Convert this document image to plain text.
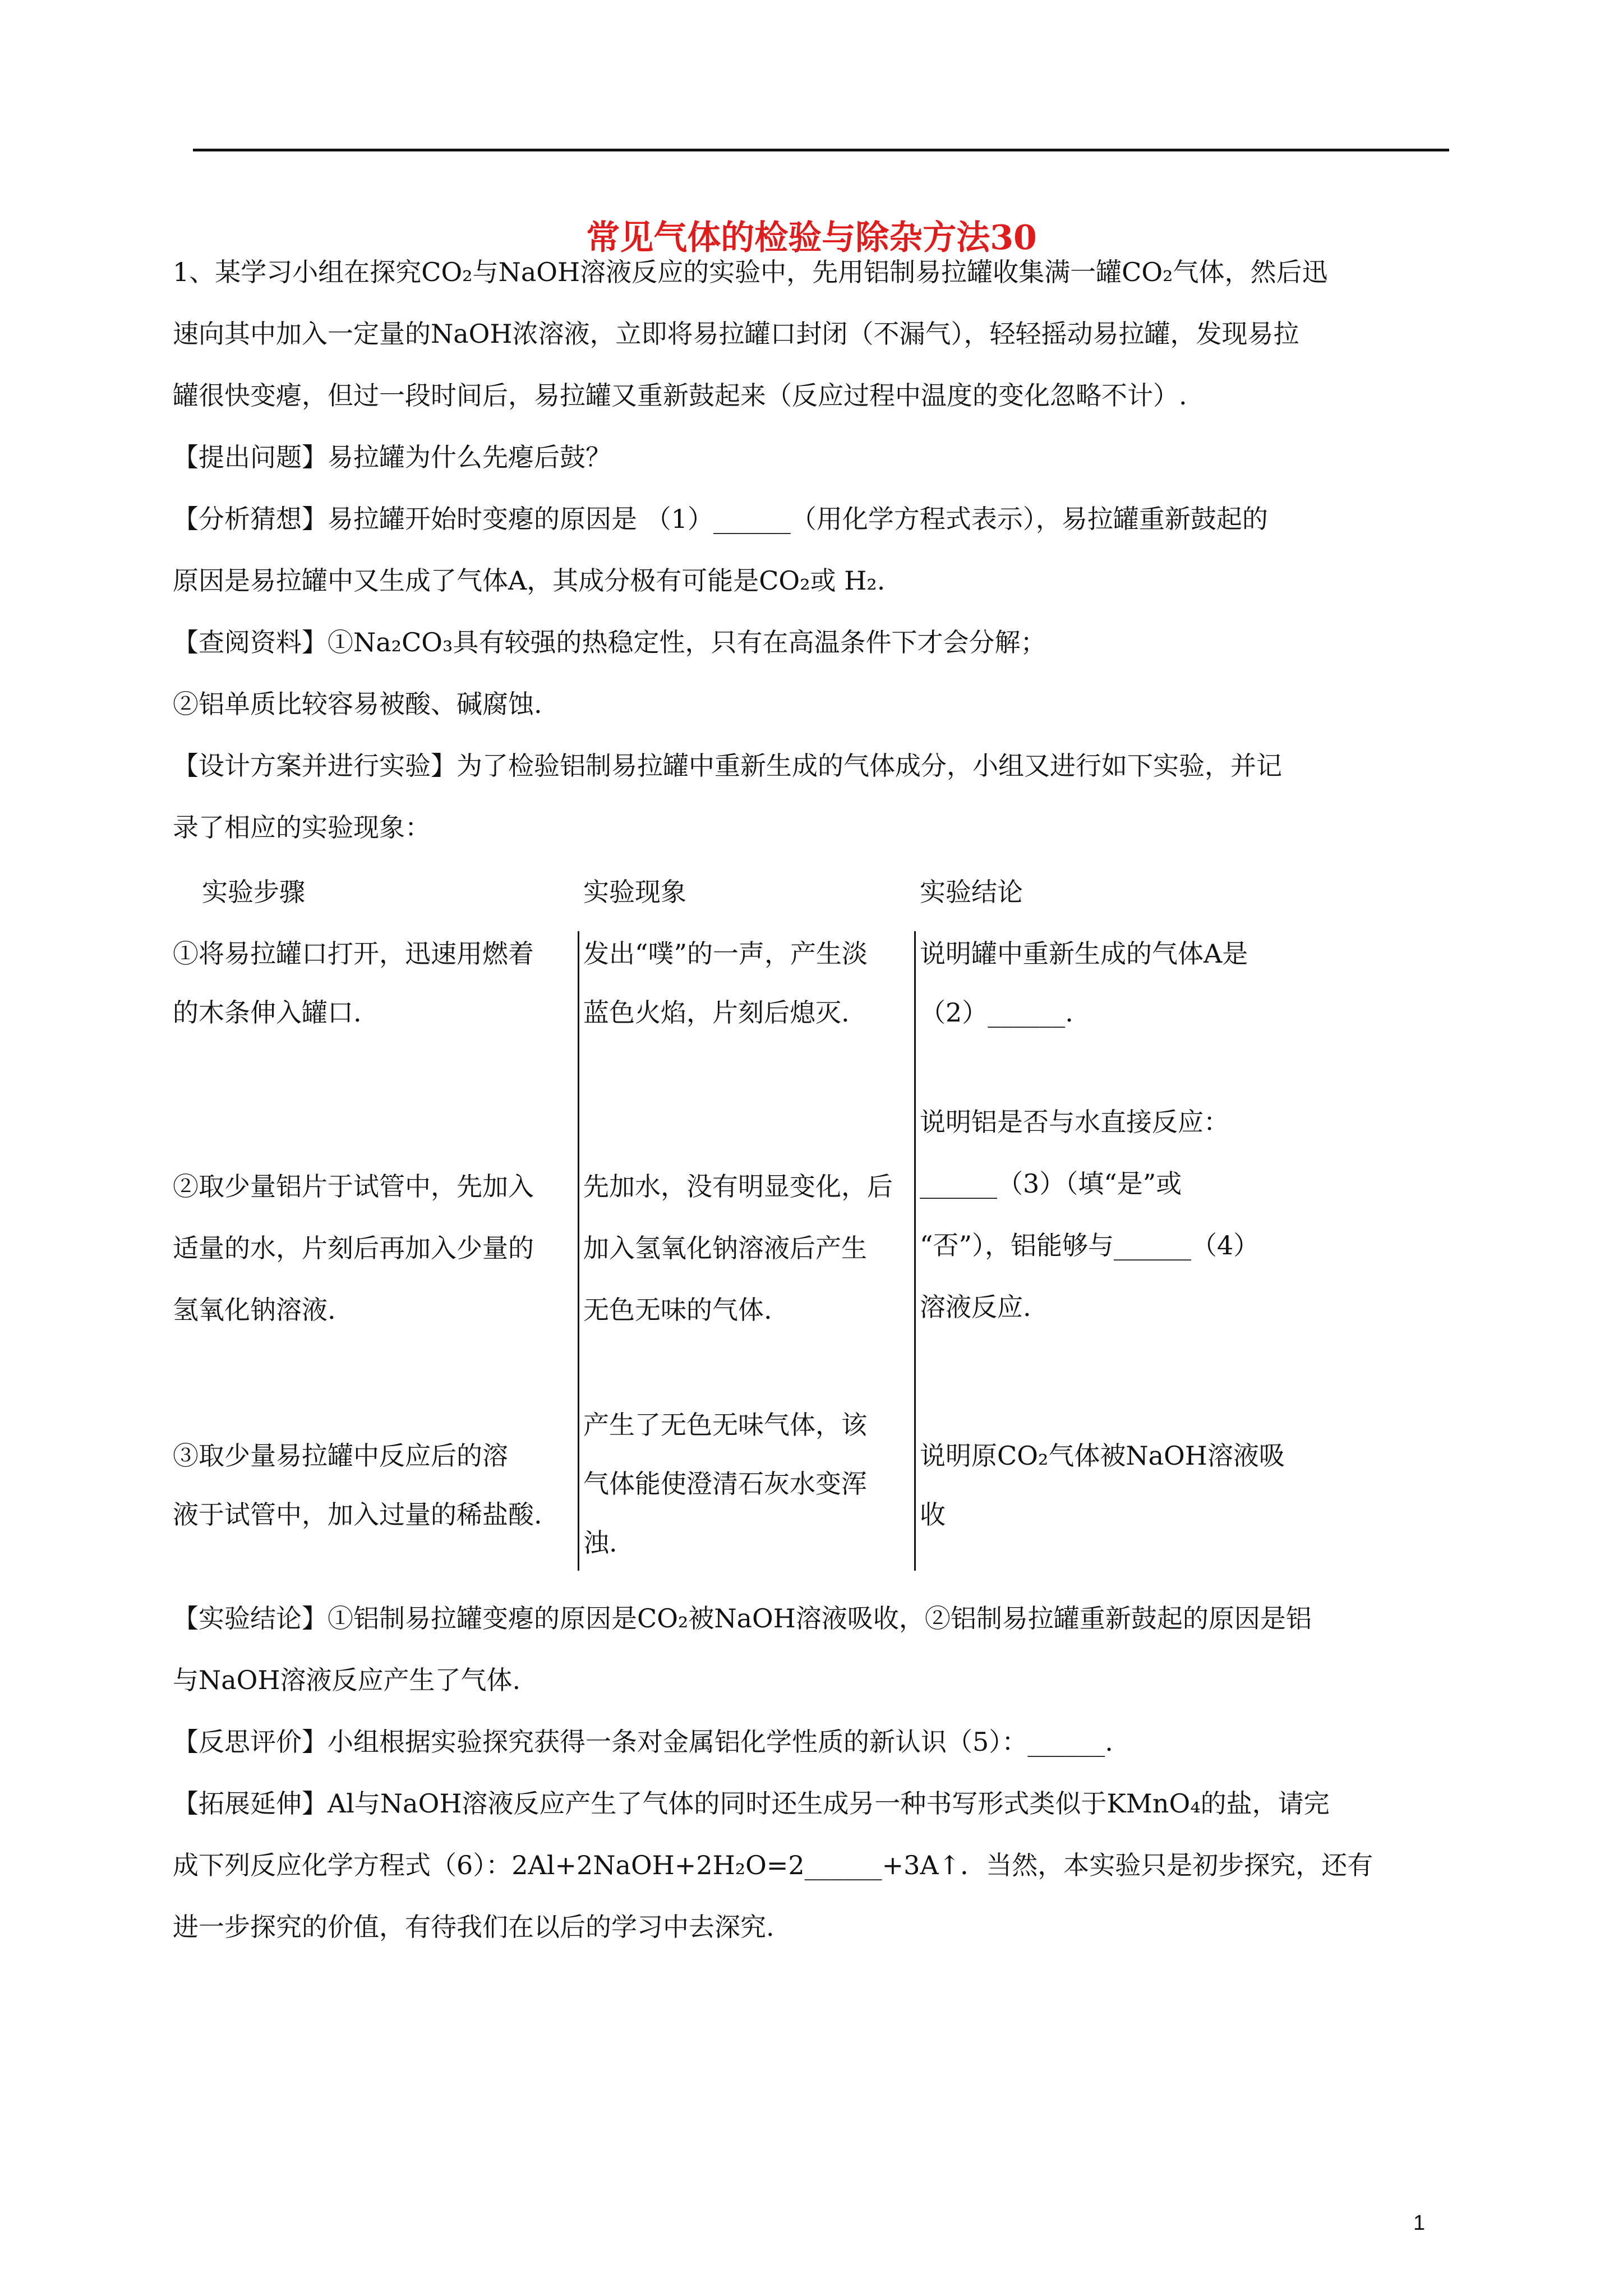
常见气体的检验与除杂方法30
1、某学习小组在探究CO₂与NaOH溶液反应的实验中，先用铝制易拉罐收集满一罐CO₂气体，然后迅
速向其中加入一定量的NaOH浓溶液，立即将易拉罐口封闭（不漏气），轻轻摇动易拉罐，发现易拉
罐很快变瘪，但过一段时间后，易拉罐又重新鼓起来（反应过程中温度的变化忽略不计）.
【提出问题】易拉罐为什么先瘪后鼓？
【分析猜想】易拉罐开始时变瘪的原因是 （1）______（用化学方程式表示），易拉罐重新鼓起的
原因是易拉罐中又生成了气体A，其成分极有可能是CO₂或 H₂.
【查阅资料】①Na₂CO₃具有较强的热稳定性，只有在高温条件下才会分解；
②铝单质比较容易被酸、碱腐蚀.
【设计方案并进行实验】为了检验铝制易拉罐中重新生成的气体成分，小组又进行如下实验，并记
录了相应的实验现象：
实验步骤	实验现象	实验结论
①将易拉罐口打开，迅速用燃着
的木条伸入罐口.
发出“噗”的一声，产生淡
蓝色火焰，片刻后熄灭.
说明罐中重新生成的气体A是
（2）______.
②取少量铝片于试管中，先加入
适量的水，片刻后再加入少量的
氢氧化钠溶液.
先加水，没有明显变化，后
加入氢氧化钠溶液后产生
无色无味的气体.
说明铝是否与水直接反应：
______（3）（填“是”或
“否”），铝能够与______（4）
溶液反应.
③取少量易拉罐中反应后的溶
液于试管中，加入过量的稀盐酸.
产生了无色无味气体，该
气体能使澄清石灰水变浑
浊.
说明原CO₂气体被NaOH溶液吸
收
【实验结论】①铝制易拉罐变瘪的原因是CO₂被NaOH溶液吸收，②铝制易拉罐重新鼓起的原因是铝
与NaOH溶液反应产生了气体.
【反思评价】小组根据实验探究获得一条对金属铝化学性质的新认识（5）：______.
【拓展延伸】Al与NaOH溶液反应产生了气体的同时还生成另一种书写形式类似于KMnO₄的盐，请完
成下列反应化学方程式（6）：2Al+2NaOH+2H₂O=2______+3A↑．当然，本实验只是初步探究，还有
进一步探究的价值，有待我们在以后的学习中去深究.
1
